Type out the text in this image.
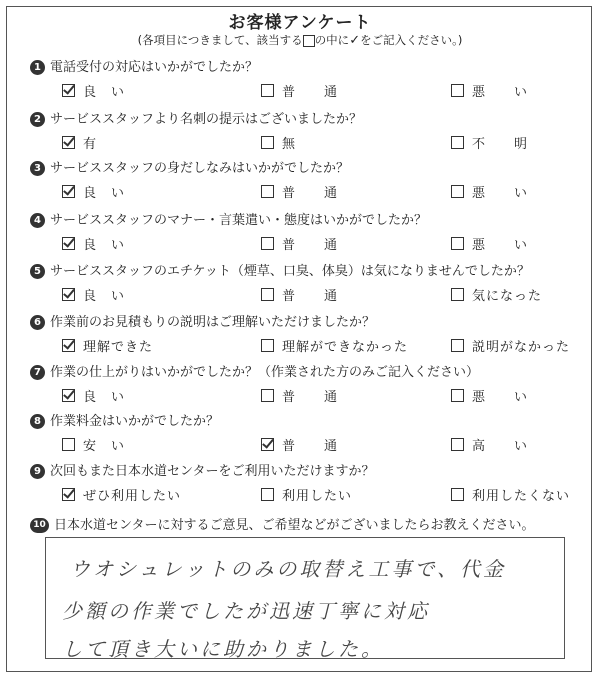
お客様アンケート
(各項目につきまして、該当する の中に✓をご記入ください。)
1 電話受付の対応はいかがでしたか？
良　い	普　　通	悪　　い
2 サービススタッフより名刺の提示はございましたか？
有	無	不　　明
3 サービススタッフの身だしなみはいかがでしたか？
良　い	普　　通	悪　　い
4 サービススタッフのマナー・言葉遣い・態度はいかがでしたか？
良　い	普　　通	悪　　い
5 サービススタッフのエチケット（煙草、口臭、体臭）は気になりませんでしたか？
良　い	普　　通	気になった
6 作業前のお見積もりの説明はご理解いただけましたか？
理解できた	理解ができなかった	説明がなかった
7 作業の仕上がりはいかがでしたか？（作業された方のみご記入ください）
良　い	普　　通	悪　　い
8 作業料金はいかがでしたか？
安　い	普　　通	高　　い
9 次回もまた日本水道センターをご利用いただけますか？
ぜひ利用したい	利用したい	利用したくない
10 日本水道センターに対するご意見、ご希望などがございましたらお教えください。
ウオシュレットのみの取替え工事で、代金
少額の作業でしたが迅速丁寧に対応
して頂き大いに助かりました。
